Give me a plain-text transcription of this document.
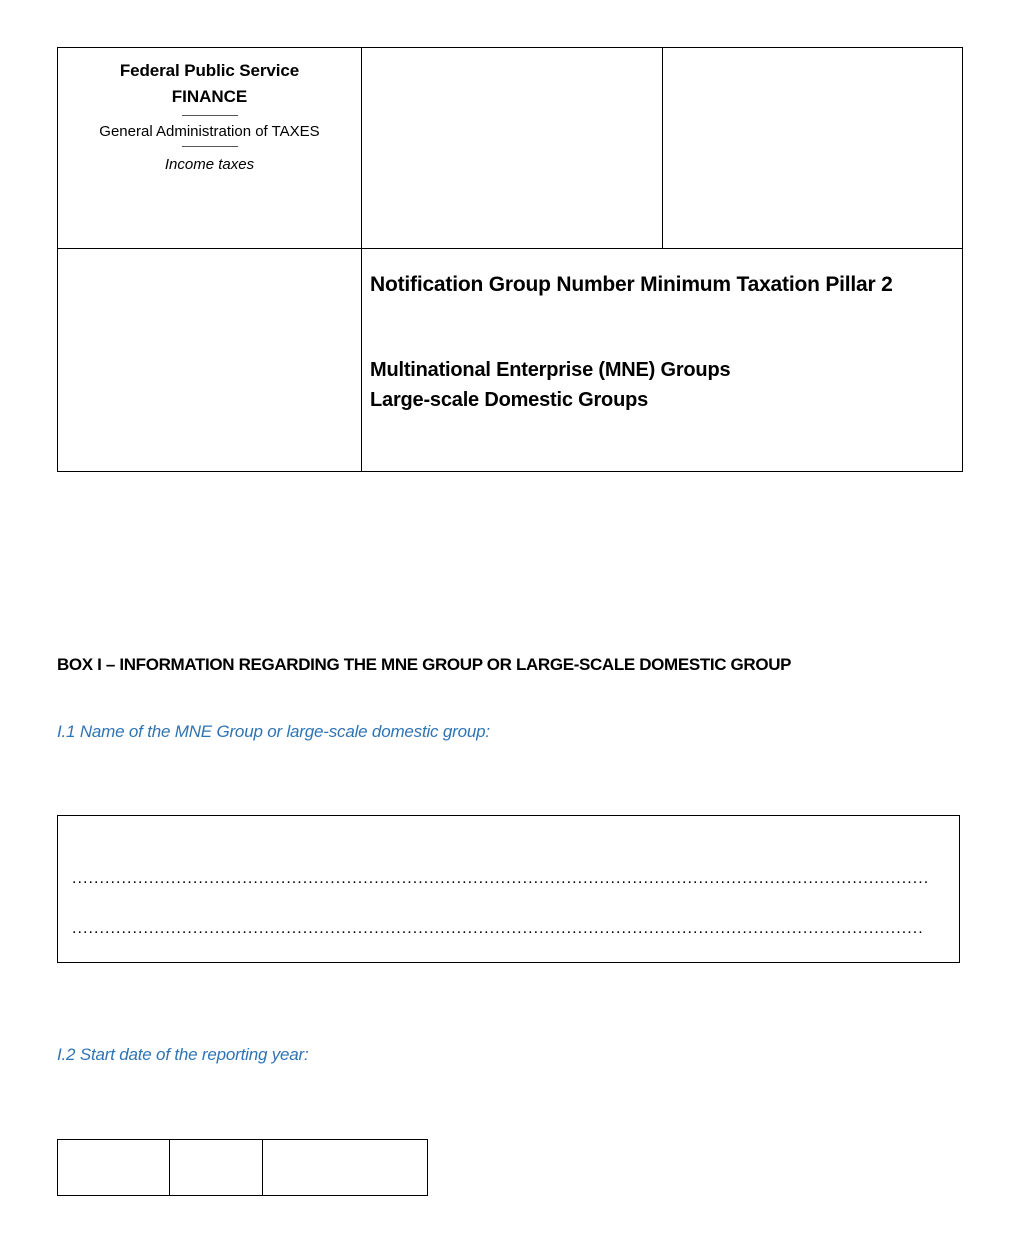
Federal Public Service
FINANCE
General Administration of TAXES
Income taxes		

	Notification Group Number Minimum Taxation Pillar 2
Multinational Enterprise (MNE) Groups
Large-scale Domestic Groups	
BOX I – INFORMATION REGARDING THE MNE GROUP OR LARGE-SCALE DOMESTIC GROUP
I.1 Name of the MNE Group or large-scale domestic group:
............................................................................................................................................................
...........................................................................................................................................................
I.2 Start date of the reporting year:
